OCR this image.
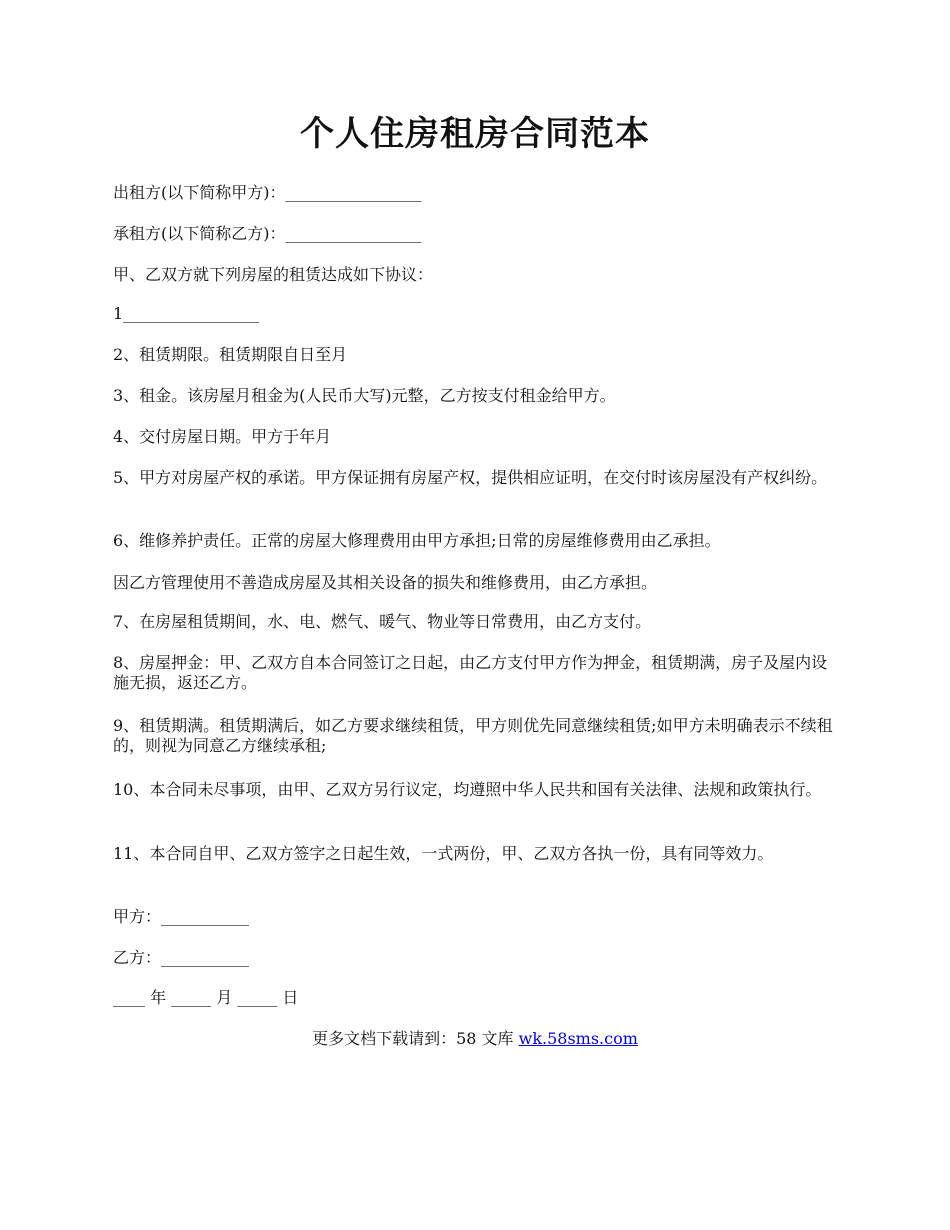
个人住房租房合同范本

出租方(以下简称甲方)：_________________

承租方(以下简称乙方)：_________________

甲、乙双方就下列房屋的租赁达成如下协议：

1_________________

2、租赁期限。租赁期限自日至月

3、租金。该房屋月租金为(人民币大写)元整，乙方按支付租金给甲方。

4、交付房屋日期。甲方于年月

5、甲方对房屋产权的承诺。甲方保证拥有房屋产权，提供相应证明，在交付时该房屋没有产权纠纷。

6、维修养护责任。正常的房屋大修理费用由甲方承担;日常的房屋维修费用由乙承担。

因乙方管理使用不善造成房屋及其相关设备的损失和维修费用，由乙方承担。

7、在房屋租赁期间，水、电、燃气、暖气、物业等日常费用，由乙方支付。

8、房屋押金：甲、乙双方自本合同签订之日起，由乙方支付甲方作为押金，租赁期满，房子及屋内设施无损，返还乙方。

9、租赁期满。租赁期满后，如乙方要求继续租赁，甲方则优先同意继续租赁;如甲方未明确表示不续租的，则视为同意乙方继续承租;

10、本合同未尽事项，由甲、乙双方另行议定，均遵照中华人民共和国有关法律、法规和政策执行。

11、本合同自甲、乙双方签字之日起生效，一式两份，甲、乙双方各执一份，具有同等效力。

甲方：___________

乙方：___________

____ 年 _____ 月 _____ 日

更多文档下载请到：58 文库 wk.58sms.com
